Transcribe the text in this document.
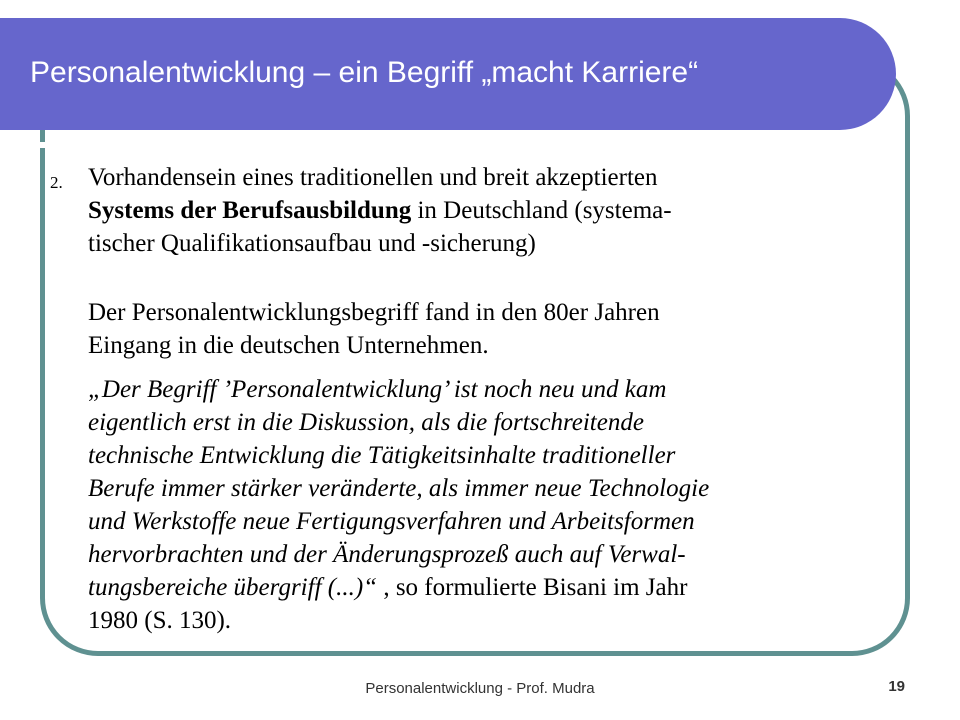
Personalentwicklung – ein Begriff „macht Karriere“
2. Vorhandensein eines traditionellen und breit akzeptierten
Systems der Berufsausbildung in Deutschland (systema-
tischer Qualifikationsaufbau und -sicherung)
Der Personalentwicklungsbegriff fand in den 80er Jahren
Eingang in die deutschen Unternehmen.
„Der Begriff ’Personalentwicklung’ ist noch neu und kam
eigentlich erst in die Diskussion, als die fortschreitende
technische Entwicklung die Tätigkeitsinhalte traditioneller
Berufe immer stärker veränderte, als immer neue Technologie
und Werkstoffe neue Fertigungsverfahren und Arbeitsformen
hervorbrachten und der Änderungsprozeß auch auf Verwal-
tungsbereiche übergriff (...)“ , so formulierte Bisani im Jahr
1980 (S. 130).
Personalentwicklung - Prof. Mudra	19
